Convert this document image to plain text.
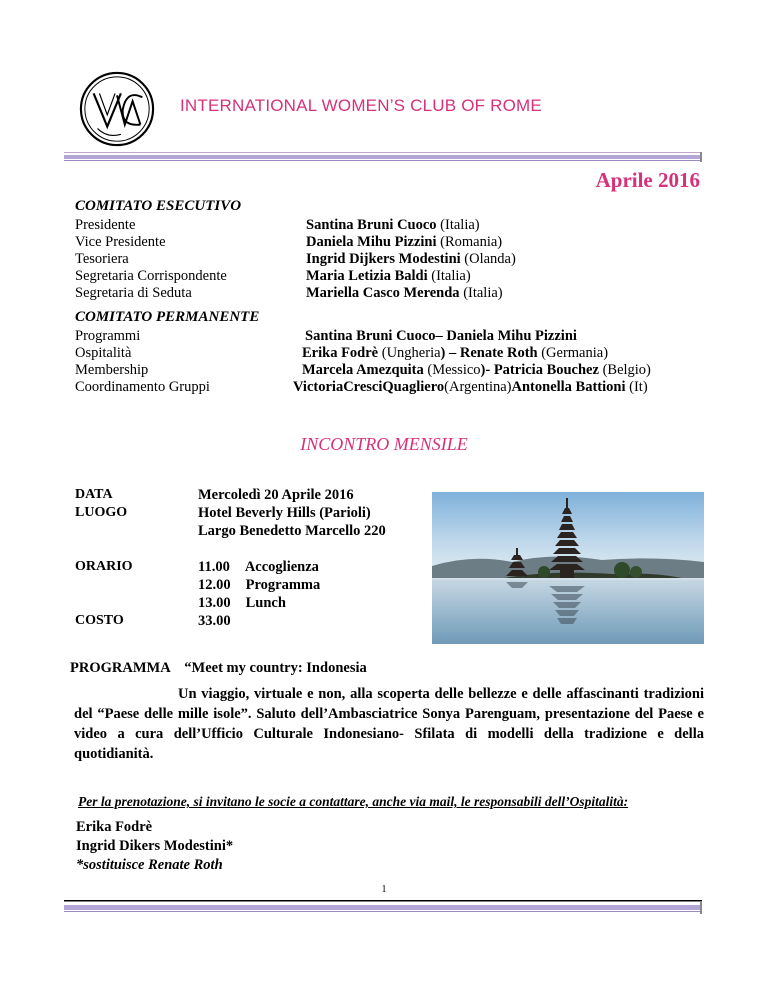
INTERNATIONAL WOMEN’S CLUB OF ROME
Aprile 2016
COMITATO ESECUTIVO
Presidente
Vice Presidente
Tesoriera
Segretaria Corrispondente
Segretaria di Seduta
Santina Bruni Cuoco (Italia)
Daniela Mihu Pizzini (Romania)
Ingrid Dijkers Modestini (Olanda)
Maria Letizia Baldi (Italia)
Mariella Casco Merenda (Italia)
COMITATO PERMANENTE
Programmi
Ospitalità
Membership
Coordinamento Gruppi
Santina Bruni Cuoco– Daniela Mihu Pizzini
Erika Fodrè (Ungheria) – Renate Roth (Germania)
Marcela Amezquita (Messico)- Patricia Bouchez (Belgio)
VictoriaCresciQuagliero(Argentina)Antonella Battioni (It)
INCONTRO MENSILE
DATA
LUOGO
ORARIO
COSTO
Mercoledì 20 Aprile 2016
Hotel Beverly Hills (Parioli)
Largo Benedetto Marcello 220
11.00 Accoglienza
12.00 Programma
13.00 Lunch
33.00
PROGRAMMA “Meet my country: Indonesia
Un viaggio, virtuale e non, alla scoperta delle bellezze e delle affascinanti tradizioni del “Paese delle mille isole”. Saluto dell’Ambasciatrice Sonya Parenguam, presentazione del Paese e video a cura dell’Ufficio Culturale Indonesiano- Sfilata di modelli della tradizione e della quotidianità.
Per la prenotazione, si invitano le socie a contattare, anche via mail, le responsabili dell’Ospitalità:
Erika Fodrè
Ingrid Dikers Modestini*
*sostituisce Renate Roth
1
